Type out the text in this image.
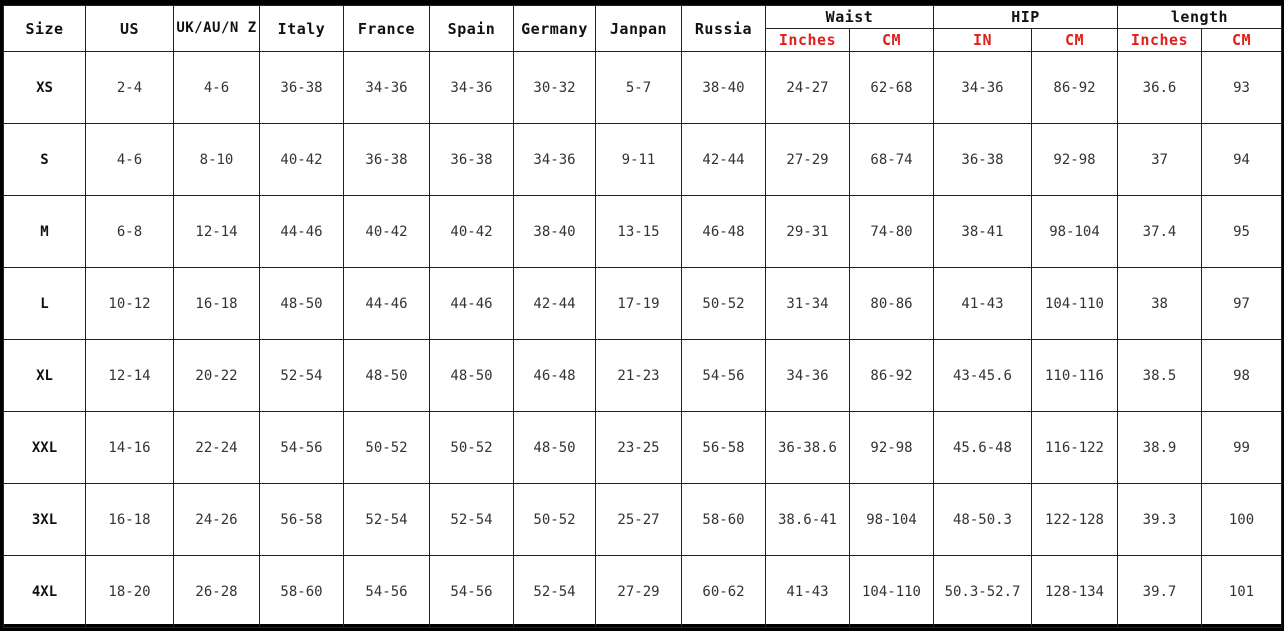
Size	US	UK/AU/N Z	Italy	France	Spain	Germany	Janpan	Russia	Waist		HIP		length	
									Inches	CM	IN	CM	Inches	CM
XS	2-4	4-6	36-38	34-36	34-36	30-32	5-7	38-40	24-27	62-68	34-36	86-92	36.6	93
S	4-6	8-10	40-42	36-38	36-38	34-36	9-11	42-44	27-29	68-74	36-38	92-98	37	94
M	6-8	12-14	44-46	40-42	40-42	38-40	13-15	46-48	29-31	74-80	38-41	98-104	37.4	95
L	10-12	16-18	48-50	44-46	44-46	42-44	17-19	50-52	31-34	80-86	41-43	104-110	38	97
XL	12-14	20-22	52-54	48-50	48-50	46-48	21-23	54-56	34-36	86-92	43-45.6	110-116	38.5	98
XXL	14-16	22-24	54-56	50-52	50-52	48-50	23-25	56-58	36-38.6	92-98	45.6-48	116-122	38.9	99
3XL	16-18	24-26	56-58	52-54	52-54	50-52	25-27	58-60	38.6-41	98-104	48-50.3	122-128	39.3	100
4XL	18-20	26-28	58-60	54-56	54-56	52-54	27-29	60-62	41-43	104-110	50.3-52.7	128-134	39.7	101
